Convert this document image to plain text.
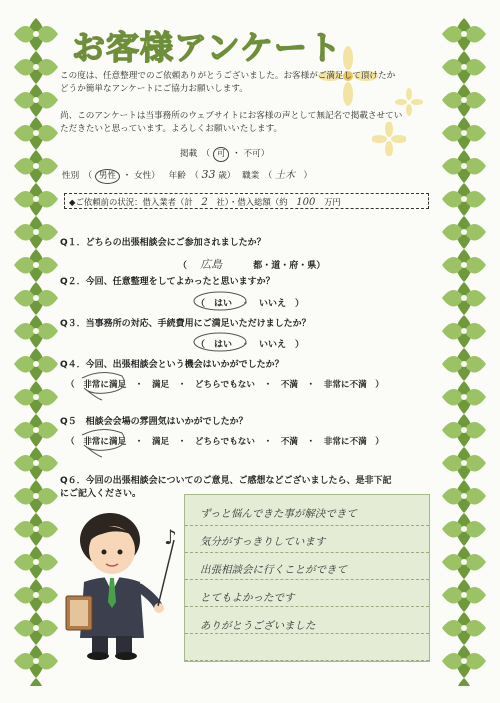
お客様アンケート
この度は、任意整理でのご依頼ありがとうございました。お客様がご満足して頂けたか
どうか簡単なアンケートにご協力お願いします。
尚、このアンケートは当事務所のウェブサイトにお客様の声として無記名で掲載させてい
ただきたいと思っています。よろしくお願いいたします。
掲載　（ 可 ・ 不可）
性別　（ 男性 ・ 女性） 年齢　（ 33 歳） 職業　（ 土木　）
◆ご依頼前の状況：借入業者（計 2 社）・借入総額（約 100 万円
Q１．どちらの出張相談会にご参加されましたか？
（ 広島	都・道・府・県）
Q２．今回、任意整理をしてよかったと思いますか？
（　はい　・　いいえ　）
Q３．当事務所の対応、手続費用にご満足いただけましたか？
（　はい　・　いいえ　）
Q４．今回、出張相談会という機会はいかがでしたか？
（　非常に満足　・　満足　・　どちらでもない　・　不満　・　非常に不満　）
Q５　相談会会場の雰囲気はいかがでしたか？
（　非常に満足　・　満足　・　どちらでもない　・　不満　・　非常に不満　）
Q６．今回の出張相談会についてのご意見、ご感想などございましたら、是非下記
にご記入ください。
ずっと悩んできた事が解決できて
気分がすっきりしています
出張相談会に行くことができて
とてもよかったです
ありがとうございました
♪
